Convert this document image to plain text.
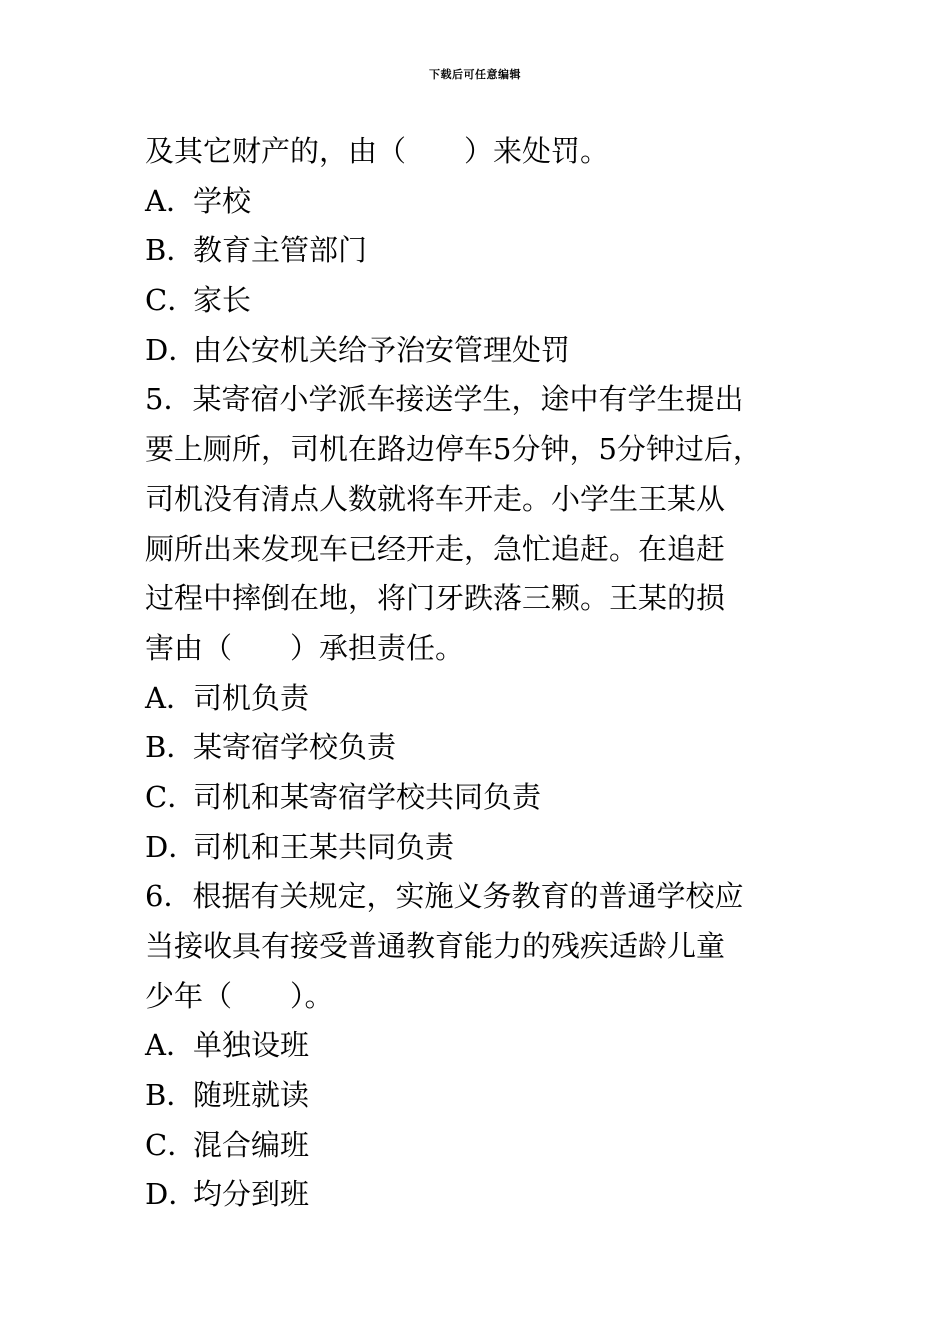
下载后可任意编辑
及其它财产的，由（　　）来处罚。
A．学校
B．教育主管部门
C．家长
D．由公安机关给予治安管理处罚
5．某寄宿小学派车接送学生，途中有学生提出
要上厕所，司机在路边停车5分钟，5分钟过后，
司机没有清点人数就将车开走。小学生王某从
厕所出来发现车已经开走，急忙追赶。在追赶
过程中摔倒在地，将门牙跌落三颗。王某的损
害由（　　）承担责任。
A．司机负责
B．某寄宿学校负责
C．司机和某寄宿学校共同负责
D．司机和王某共同负责
6．根据有关规定，实施义务教育的普通学校应
当接收具有接受普通教育能力的残疾适龄儿童
少年（　　）。
A．单独设班
B．随班就读
C．混合编班
D．均分到班
